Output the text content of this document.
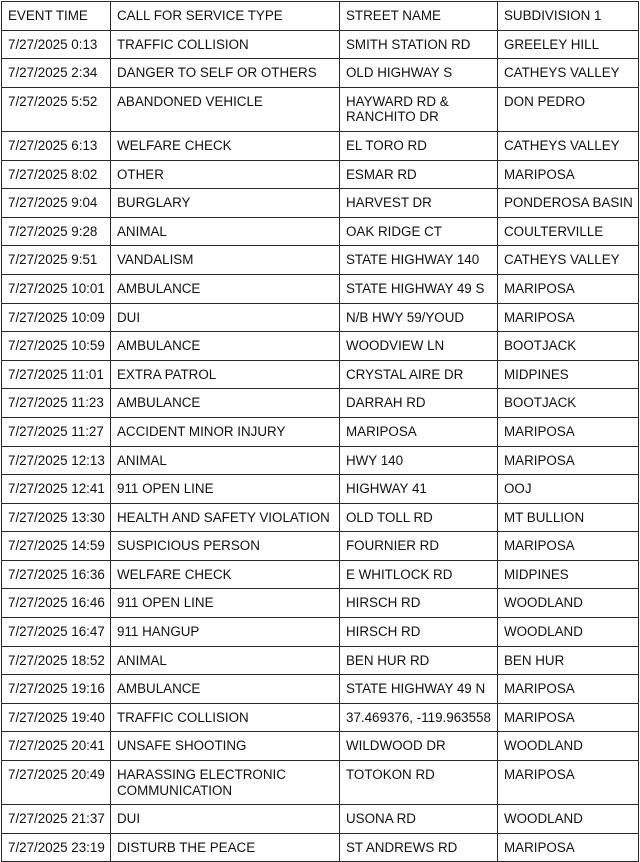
EVENT TIME	CALL FOR SERVICE TYPE	STREET NAME	SUBDIVISION 1
7/27/2025 0:13	TRAFFIC COLLISION	SMITH STATION RD	GREELEY HILL
7/27/2025 2:34	DANGER TO SELF OR OTHERS	OLD HIGHWAY S	CATHEYS VALLEY
7/27/2025 5:52	ABANDONED VEHICLE	HAYWARD RD & RANCHITO DR	DON PEDRO
7/27/2025 6:13	WELFARE CHECK	EL TORO RD	CATHEYS VALLEY
7/27/2025 8:02	OTHER	ESMAR RD	MARIPOSA
7/27/2025 9:04	BURGLARY	HARVEST DR	PONDEROSA BASIN
7/27/2025 9:28	ANIMAL	OAK RIDGE CT	COULTERVILLE
7/27/2025 9:51	VANDALISM	STATE HIGHWAY 140	CATHEYS VALLEY
7/27/2025 10:01	AMBULANCE	STATE HIGHWAY 49 S	MARIPOSA
7/27/2025 10:09	DUI	N/B HWY 59/YOUD	MARIPOSA
7/27/2025 10:59	AMBULANCE	WOODVIEW LN	BOOTJACK
7/27/2025 11:01	EXTRA PATROL	CRYSTAL AIRE DR	MIDPINES
7/27/2025 11:23	AMBULANCE	DARRAH RD	BOOTJACK
7/27/2025 11:27	ACCIDENT MINOR INJURY	MARIPOSA	MARIPOSA
7/27/2025 12:13	ANIMAL	HWY 140	MARIPOSA
7/27/2025 12:41	911 OPEN LINE	HIGHWAY 41	OOJ
7/27/2025 13:30	HEALTH AND SAFETY VIOLATION	OLD TOLL RD	MT BULLION
7/27/2025 14:59	SUSPICIOUS PERSON	FOURNIER RD	MARIPOSA
7/27/2025 16:36	WELFARE CHECK	E WHITLOCK RD	MIDPINES
7/27/2025 16:46	911 OPEN LINE	HIRSCH RD	WOODLAND
7/27/2025 16:47	911 HANGUP	HIRSCH RD	WOODLAND
7/27/2025 18:52	ANIMAL	BEN HUR RD	BEN HUR
7/27/2025 19:16	AMBULANCE	STATE HIGHWAY 49 N	MARIPOSA
7/27/2025 19:40	TRAFFIC COLLISION	37.469376, -119.963558	MARIPOSA
7/27/2025 20:41	UNSAFE SHOOTING	WILDWOOD DR	WOODLAND
7/27/2025 20:49	HARASSING ELECTRONIC COMMUNICATION	TOTOKON RD	MARIPOSA
7/27/2025 21:37	DUI	USONA RD	WOODLAND
7/27/2025 23:19	DISTURB THE PEACE	ST ANDREWS RD	MARIPOSA
